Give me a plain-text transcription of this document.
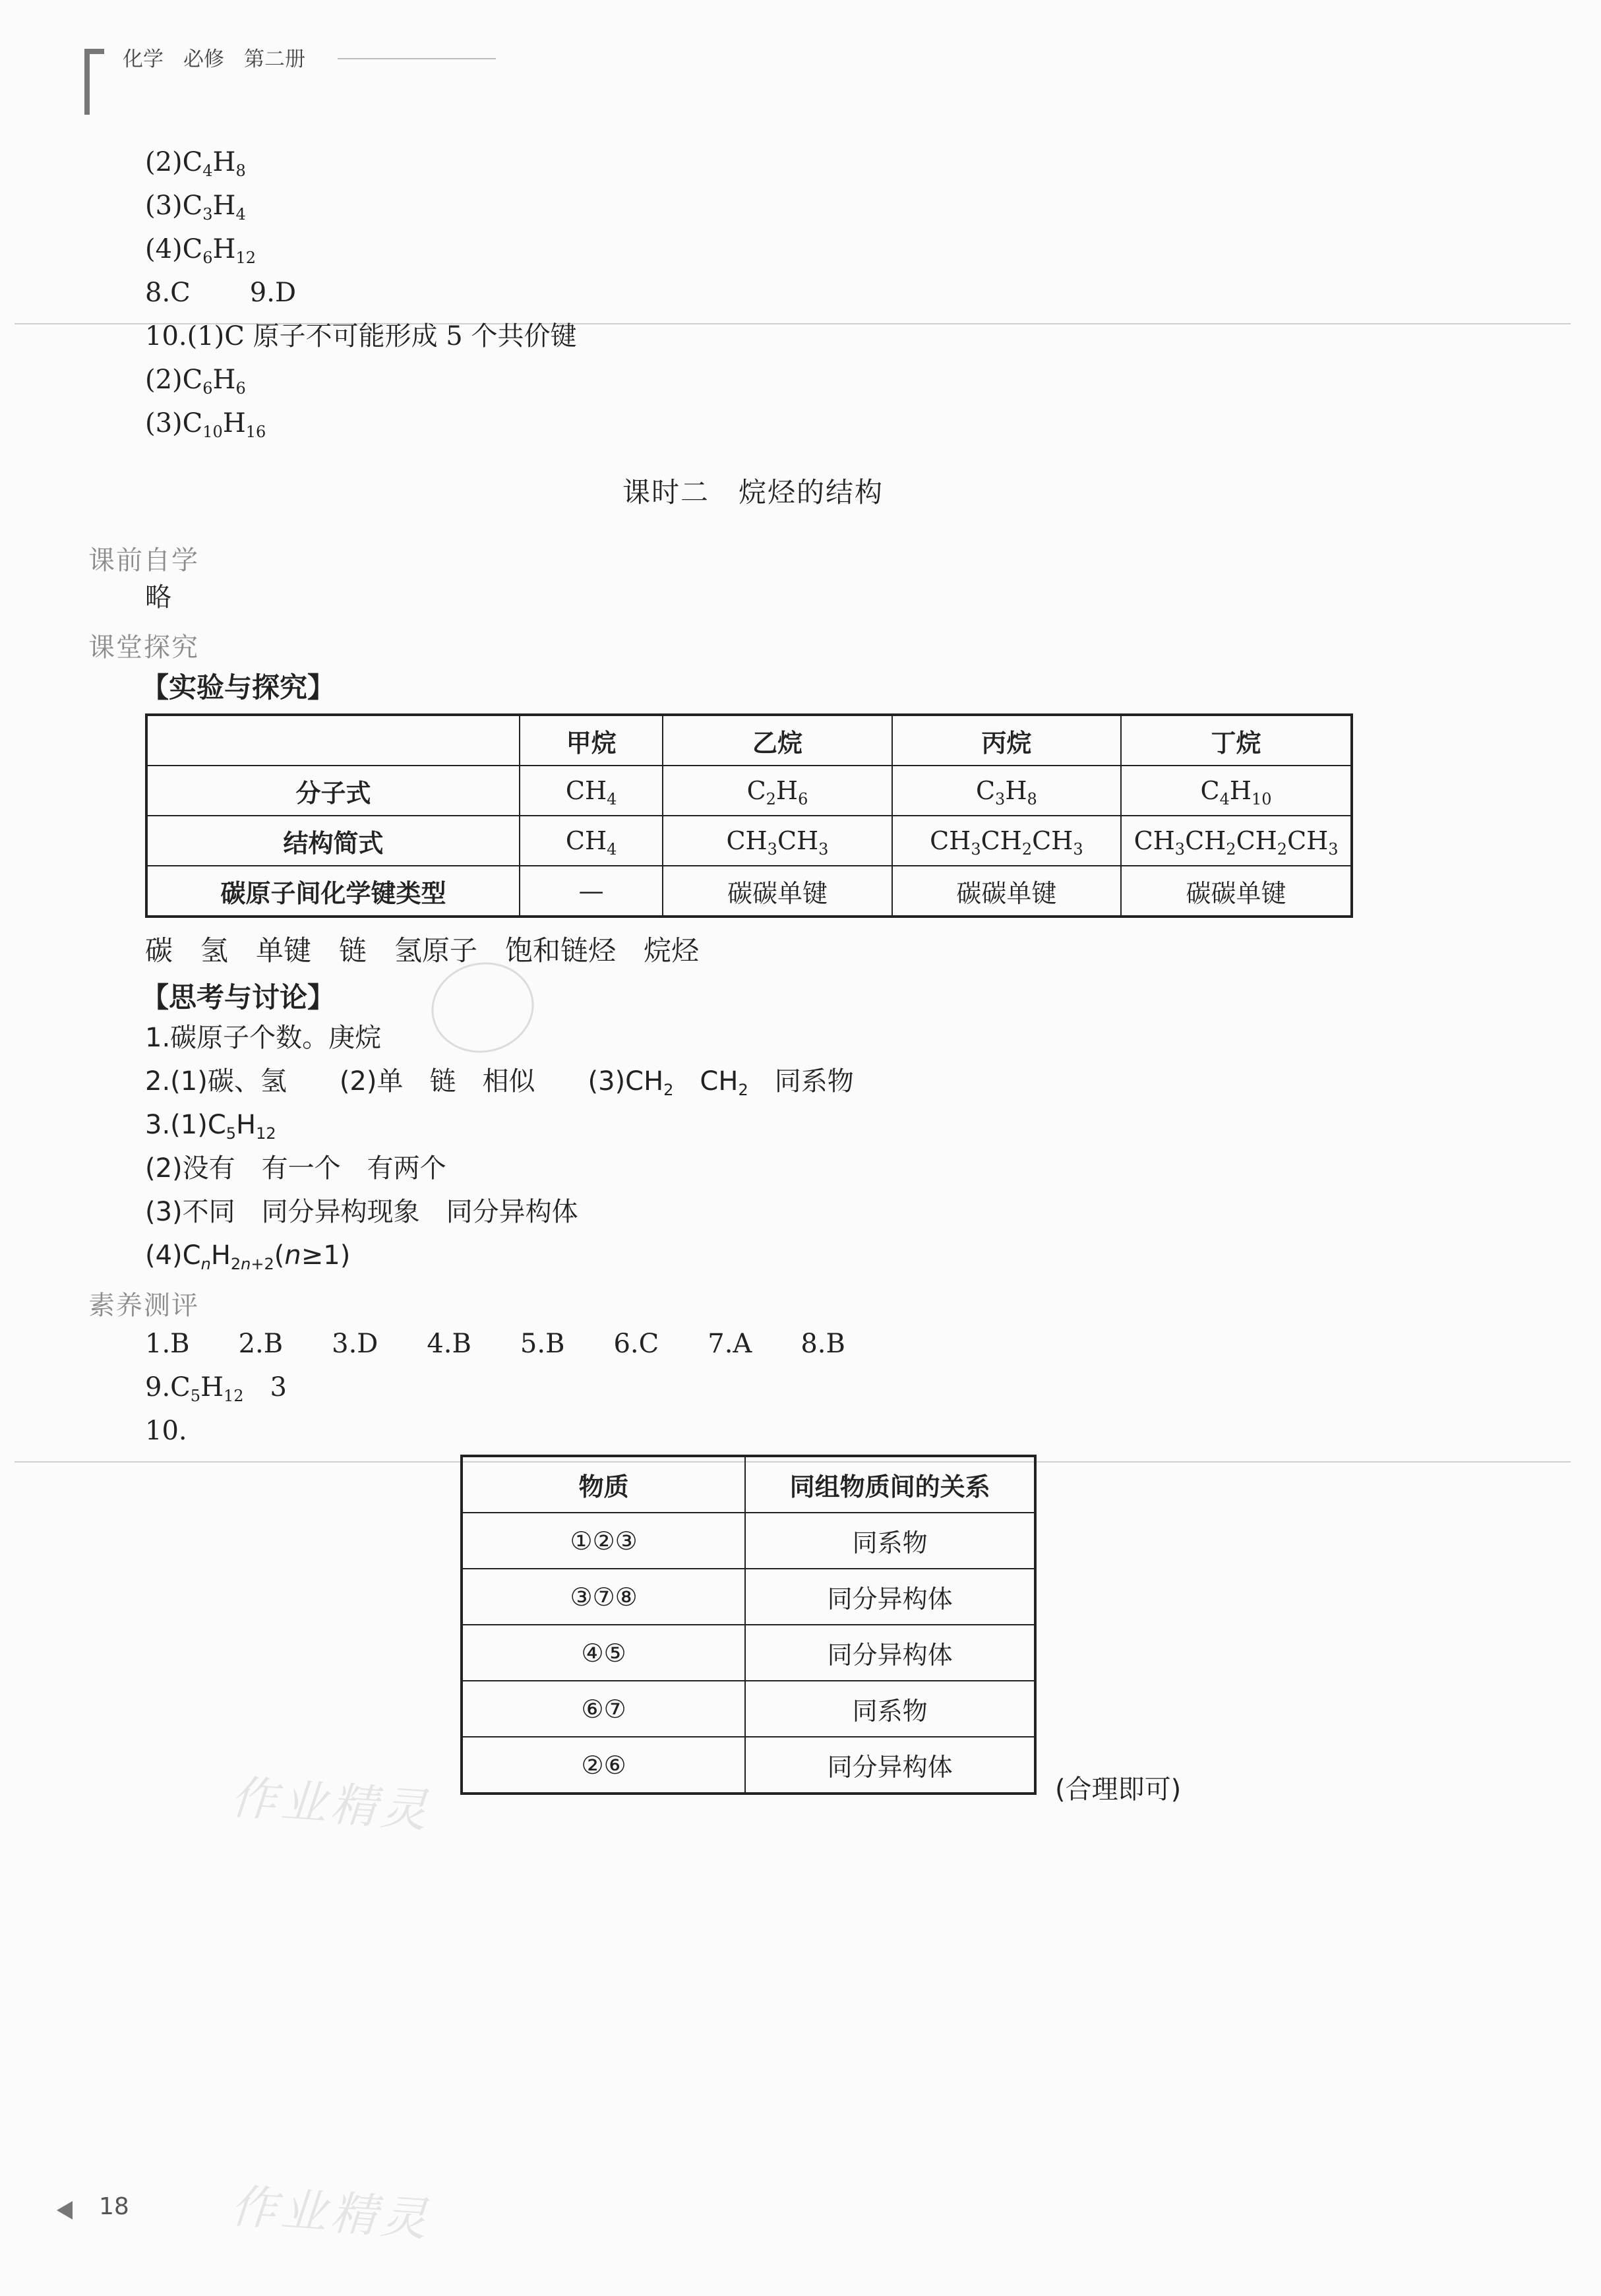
化学 必修 第二册
$(2)C_4H_8$
$(3)C_3H_4$
$(4)C_6H_{12}$
8.C 9.D
10.(1)C 原子不可能形成 5 个共价键
$(2)C_6H_6$
$(3)C_{10}H_{16}$
课时二 烷烃的结构
课前自学
略
课堂探究
【实验与探究】
	甲烷	乙烷	丙烷	丁烷
分子式	$CH_4$	$C_2H_6$	$C_3H_8$	$C_4H_{10}$
结构简式	$CH_4$	$CH_3CH_3$	$CH_3CH_2CH_3$	$CH_3CH_2CH_2CH_3$
碳原子间化学键类型	—	碳碳单键	碳碳单键	碳碳单键
碳　氢　单键　链　氢原子　饱和链烃　烷烃
【思考与讨论】
1.碳原子个数。庚烷
2.(1)碳、氢　　(2)单　链　相似　　$(3)CH_2$　$CH_2$　同系物
$3.(1)C_5H_{12}$
(2)没有　有一个　有两个
(3)不同　同分异构现象　同分异构体
$(4)C_nH_{2n+2}(n\ge 1)$
素养测评
1.B 2.B 3.D 4.B 5.B 6.C 7.A 8.B
$9.C_5H_{12}$ 3
10.
物质	同组物质间的关系
①②③	同系物
③⑦⑧	同分异构体
④⑤	同分异构体
⑥⑦	同系物
②⑥	同分异构体
(合理即可)
作业精灵
作业精灵
18
